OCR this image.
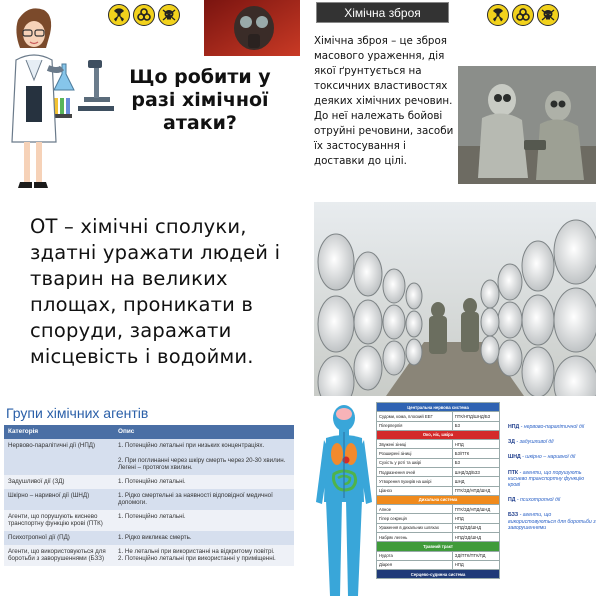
Що робити у разі хімічної атаки?
Хімічна зброя
Хімічна зброя – це зброя масового ураження, дія якої ґрунтується на токсичних властивостях деяких хімічних речовин. До неї належать бойові отруйні речовини, засоби їх застосування і доставки до цілі.
ОТ – хімічні сполуки, здатні уражати людей і тварин на великих площах, проникати в споруди, заражати місцевість і водойми.
Групи хімічних агентів
Категорія	Опис
Нервово-паралітичні дії (НПД)	1. Потенційно летальні при низьких концентраціях.

2. При поглинанні через шкіру смерть через 20-30 хвилин. Легені – протягом хвилин.
Задушливої дії (ЗД)	1. Потенційно летальні.
Шкірно – наривної дії (ШНД)	1. Рідко смертельні за наявності відповідної медичної допомоги.
Агенти, що порушують киснево транспортну функцію крові (ПТК)	1. Потенційно летальні.
Психотропної дії (ПД)	1. Рідко викликає смерть.
Агенти, що використовуються для боротьби з заворушеннями (БЗЗ)	1. Не летальні при використанні на відкритому повітрі.
2. Потенційно летальні при використанні у приміщенні.
Центральна нервова система	
Судоми, кома, плоский ЕЕГ	ПТК/НПД/ШНД/БЗ
Пілерперпія	БЗ
Око, ніс, шкіра	
Звужені зіниці	НПД
Розширені зіниці	БЗ/ПТК
Сухість у роті та шкірі	БЗ
Подразнення очей	ШНД/ЗД/БЗЗ
Утворення пухирів на шкірі	ШНД
Ціаноз	ПТК/ЗД/НПД/ШНД
Дихальна система	
Апное	ПТК/ЗД/НПД/ШНД
Гіпер секреція	НПД
Ураження в дихальних шляхах	НПД/ЗД/ШНД
Набряк легень	НПД/ЗД/ШНД
Травний тракт	
Нудота	ЗД/ПТК/ПТК/ПД
Діарея	НПД
Серцево-судинна система	
НПД - нервово-паралітичної дії
ЗД - задушливої дії
ШНД - шкірно – наривної дії
ПТК - агенти, що порушують киснево транспортну функцію крові
ПД - психотропної дії
БЗЗ - агенти, що використовуються для боротьби з заворушеннями
